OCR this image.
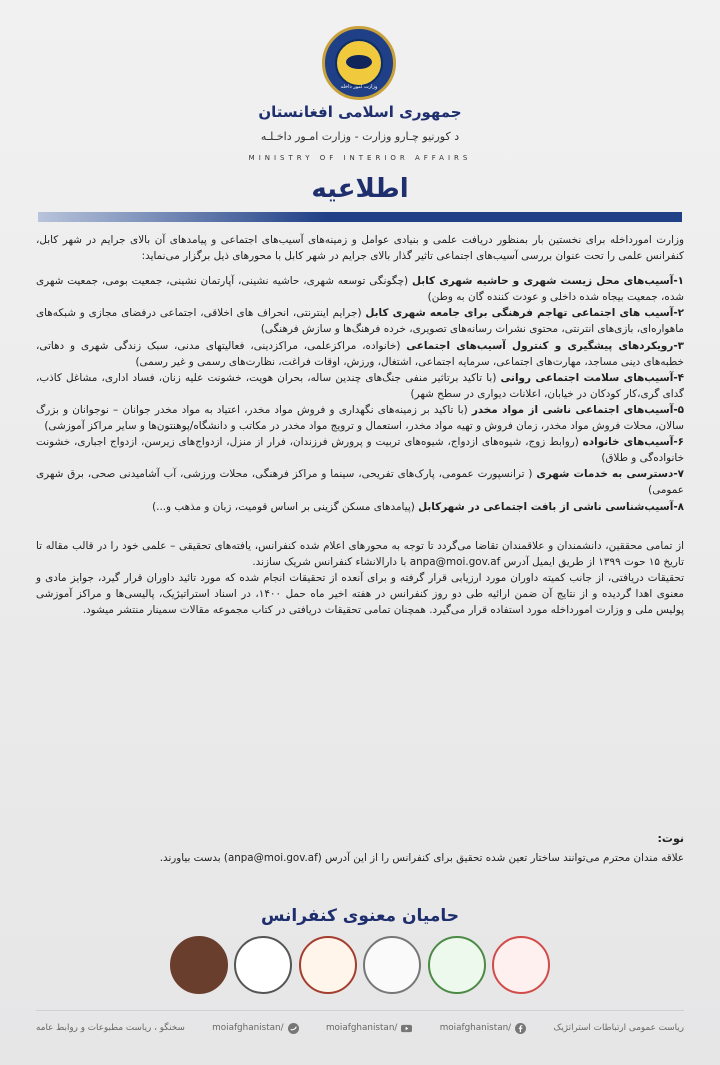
وزارت امور داخله
جمهوری اسلامی افغانستان
د کورنیو چـارو وزارت - وزارت امـور داخـلـه
MINISTRY OF INTERIOR AFFAIRS
اطلاعیه

وزارت امورداخله برای نخستین بار بمنظور دریافت علمی و بنیادی عوامل و زمینه‌های آسیب‌های اجتماعی و پیامدهای آن بالای جرایم در شهر کابل، کنفرانس علمی را تحت عنوان بررسی آسیب‌های اجتماعی تاثیر گذار بالای جرایم در شهر کابل با محورهای ذیل برگزار می‌نماید:

۱-آسیب‌های محل زیست شهری و حاشیه شهری کابل (چگونگی توسعه شهری، حاشیه نشینی، آپارتمان نشینی، جمعیت بومی، جمعیت شهری شده، جمعیت بیجاه شده داخلی و عودت کننده گان به وطن)

۲-آسیب های اجتماعی تهاجم فرهنگی برای جامعه شهری کابل (جرایم اینترنتی، انحراف های اخلاقی، اجتماعی درفضای مجازی و شبکه‌های ماهواره‌ای، بازی‌های انترنتی، محتوی نشرات رسانه‌های تصویری، خرده فرهنگ‌ها و سازش فرهنگی)

۳-رویکردهای پیشگیری و کنترول آسیب‌های اجتماعی (خانواده، مراکزعلمی، مراکزدینی، فعالیتهای مدنی، سبک زندگی شهری و دهاتی، خطبه‌های دینی مساجد، مهارت‌های اجتماعی، سرمایه اجتماعی، اشتغال، ورزش، اوقات فراغت، نظارت‌های رسمی و غیر رسمی)

۴-آسیب‌های سلامت اجتماعی روانی (با تاکید برتاثیر منفی جنگ‌های چندین ساله، بحران هویت، خشونت علیه زنان، فساد اداری، مشاغل کاذب، گدای گری،کار کودکان در خیابان، اعلانات دیواری در سطح شهر)

۵-آسیب‌های اجتماعی ناشی از مواد مخدر (با تاکید بر زمینه‌های نگهداری و فروش مواد مخدر، اعتیاد به مواد مخدر جوانان – نوجوانان و بزرگ سالان، محلات فروش مواد مخدر، زمان فروش و تهیه مواد مخدر، استعمال و ترویج مواد مخدر در مکاتب و دانشگاه/پوهنتون‌ها و سایر مراکز آموزشی)

۶-آسیب‌های خانواده (روابط زوج، شیوه‌های ازدواج، شیوه‌های تربیت و پرورش فرزندان، فرار از منزل، ازدواج‌های زیرسن، ازدواج اجباری، خشونت خانواده‌گی و طلاق)

۷-دسترسی به خدمات شهری ( ترانسپورت عمومی، پارک‌های تفریحی، سینما و مراکز فرهنگی، محلات ورزشی، آب آشامیدنی صحی، برق شهری عمومی)

۸-آسیب‌شناسی ناشی از بافت اجتماعی در شهرکابل (پیامدهای مسکن گزینی بر اساس قومیت، زبان و مذهب و...)

از تمامی محققین، دانشمندان و علاقمندان تقاضا می‌گردد تا توجه به محورهای اعلام شده کنفرانس، یافته‌های تحقیقی – علمی خود را در قالب مقاله تا تاریخ ۱۵ حوت ۱۳۹۹ از طریق ایمیل آدرس anpa@moi.gov.af با دارالانشاء کنفرانس شریک سازند.

تحقیقات دریافتی، از جانب کمیته داوران مورد ارزیابی قرار گرفته و برای آنعده از تحقیقات انجام شده که مورد تائید داوران قرار گیرد، جوایز مادی و معنوی اهدا گردیده و از نتایج آن ضمن ارائیه طی دو روز کنفرانس در هفته اخیر ماه حمل ۱۴۰۰، در اسناد استراتیژیک، پالیسی‌ها و مراکز آموزشی پولیس ملی و وزارت امورداخله مورد استفاده قرار می‌گیرد. همچنان تمامی تحقیقات دریافتی در کتاب مجموعه مقالات سمینار منتشر میشود.

نوت:
علاقه مندان محترم می‌توانند ساختار تعین شده تحقیق برای کنفرانس را از این آدرس (anpa@moi.gov.af) بدست بیاورند.
حامیان معنوی کنفرانس
سخنگو ، ریاست مطبوعات و روابط عامه	/moiafghanistan	/moiafghanistan	/moiafghanistan	ریاست عمومی ارتباطات استراتژیک
